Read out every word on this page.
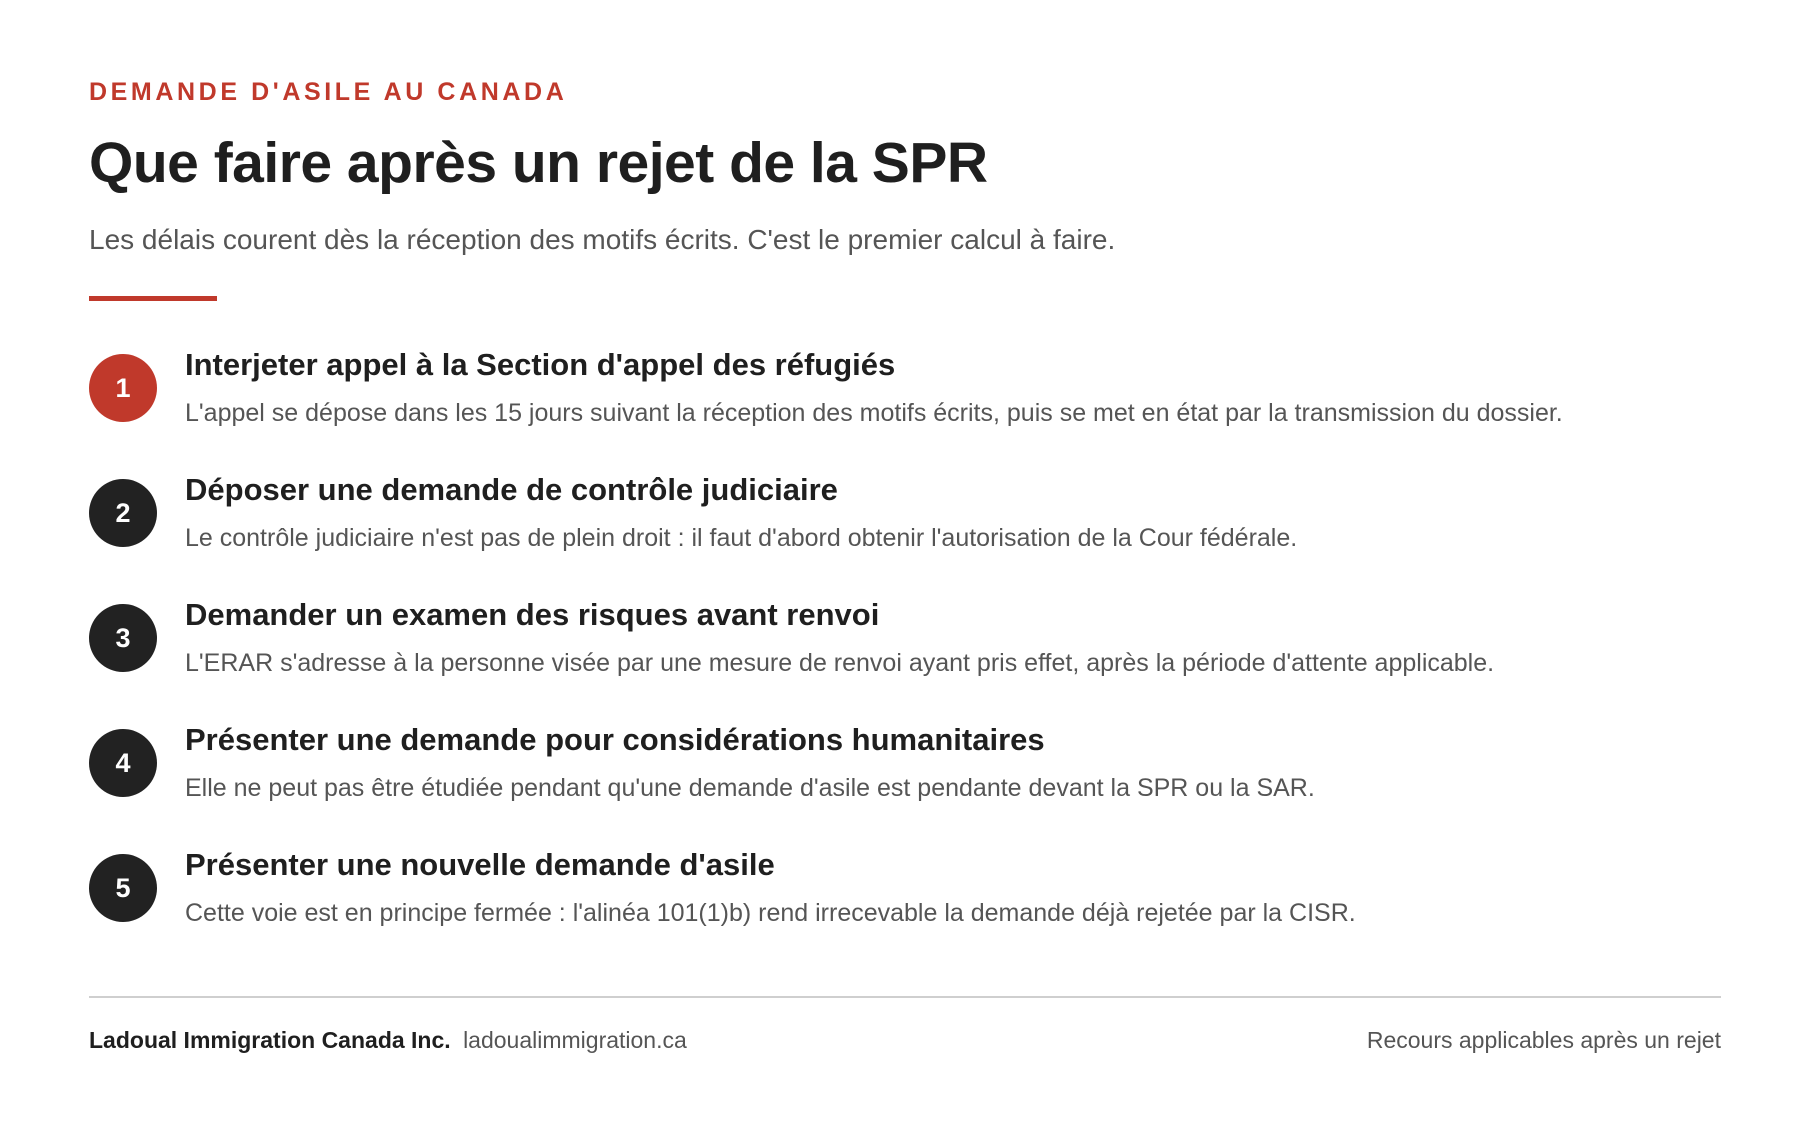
DEMANDE D'ASILE AU CANADA
Que faire après un rejet de la SPR
Les délais courent dès la réception des motifs écrits. C'est le premier calcul à faire.
1
Interjeter appel à la Section d'appel des réfugiés
L'appel se dépose dans les 15 jours suivant la réception des motifs écrits, puis se met en état par la transmission du dossier.
2
Déposer une demande de contrôle judiciaire
Le contrôle judiciaire n'est pas de plein droit : il faut d'abord obtenir l'autorisation de la Cour fédérale.
3
Demander un examen des risques avant renvoi
L'ERAR s'adresse à la personne visée par une mesure de renvoi ayant pris effet, après la période d'attente applicable.
4
Présenter une demande pour considérations humanitaires
Elle ne peut pas être étudiée pendant qu'une demande d'asile est pendante devant la SPR ou la SAR.
5
Présenter une nouvelle demande d'asile
Cette voie est en principe fermée : l'alinéa 101(1)b) rend irrecevable la demande déjà rejetée par la CISR.
Ladoual Immigration Canada Inc. ladoualimmigration.ca	Recours applicables après un rejet
